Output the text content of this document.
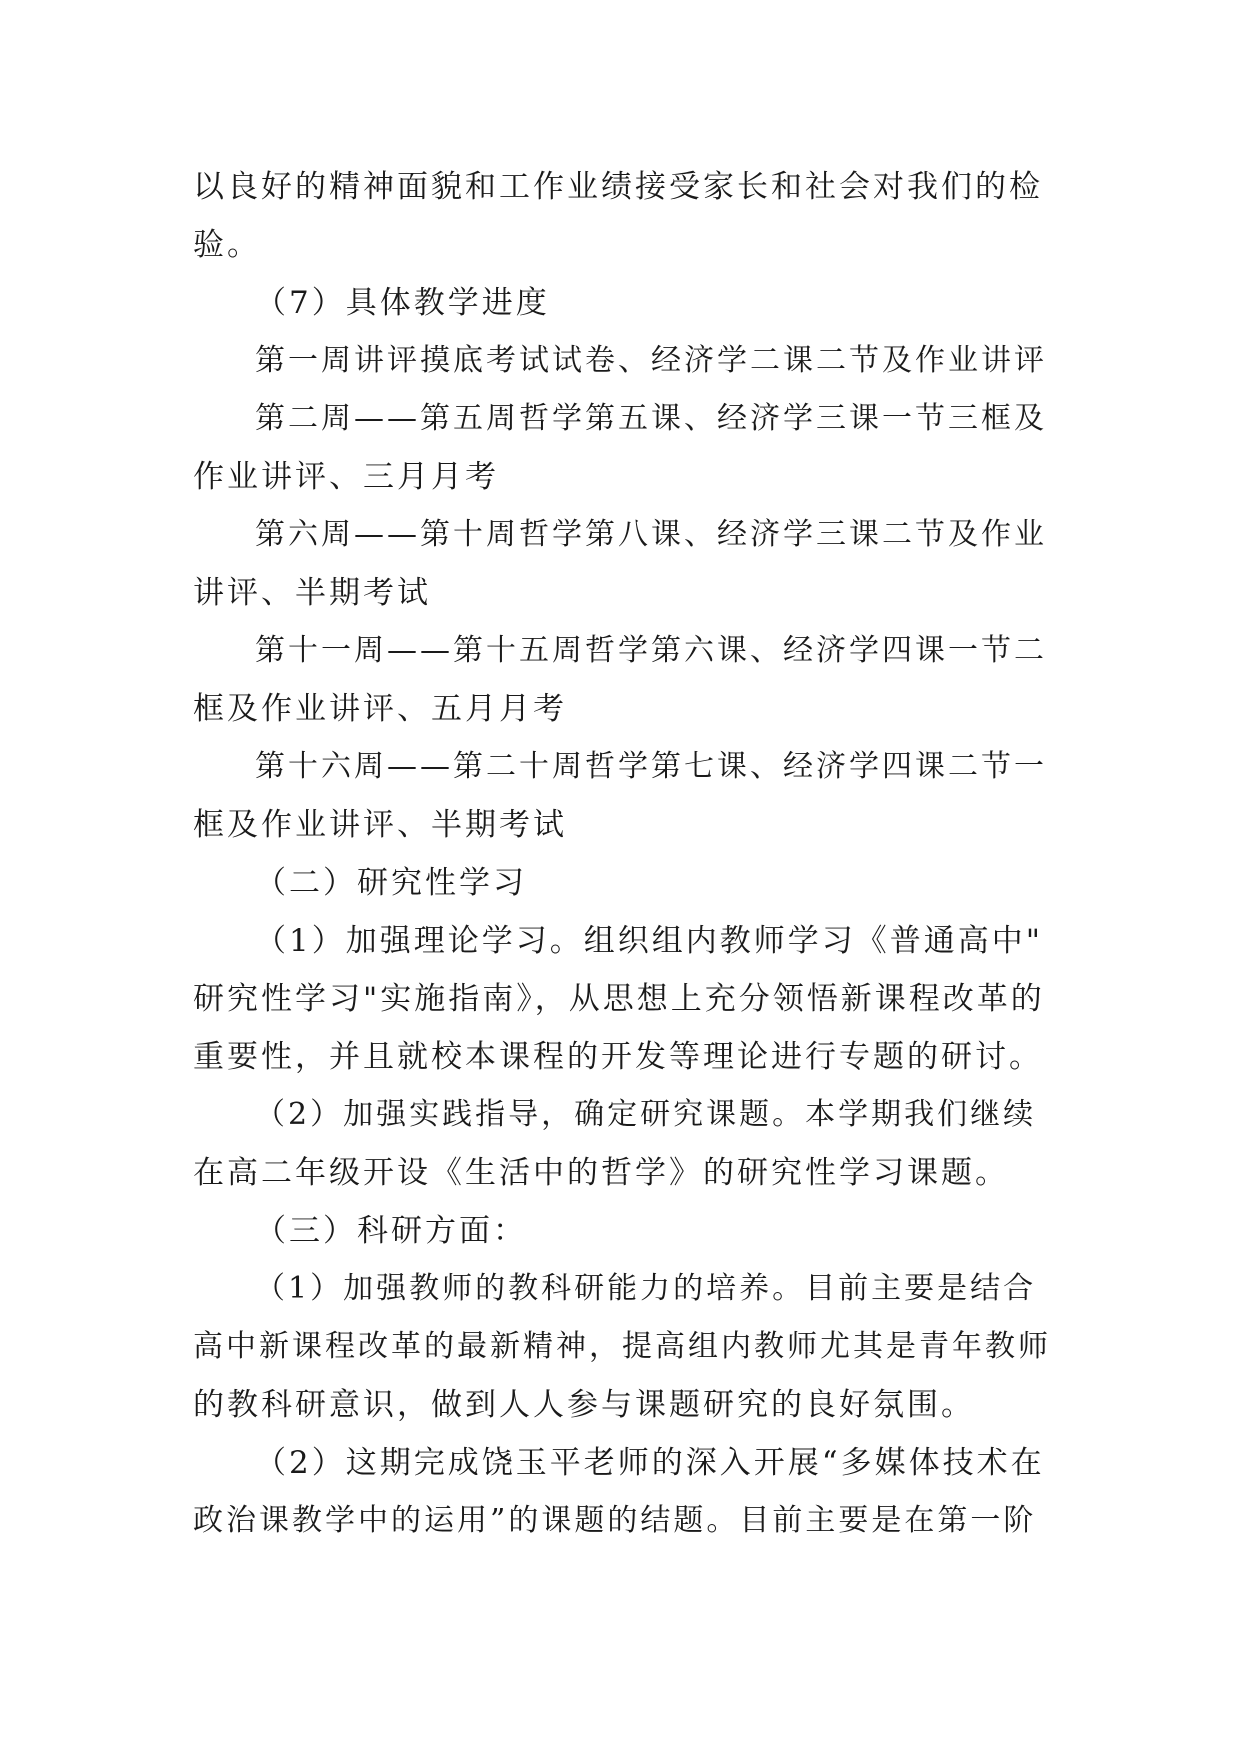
以良好的精神面貌和工作业绩接受家长和社会对我们的检
验。
（7）具体教学进度
第一周讲评摸底考试试卷、经济学二课二节及作业讲评
第二周——第五周哲学第五课、经济学三课一节三框及
作业讲评、三月月考
第六周——第十周哲学第八课、经济学三课二节及作业
讲评、半期考试
第十一周——第十五周哲学第六课、经济学四课一节二
框及作业讲评、五月月考
第十六周——第二十周哲学第七课、经济学四课二节一
框及作业讲评、半期考试
（二）研究性学习
（1）加强理论学习。组织组内教师学习《普通高中"
研究性学习"实施指南》，从思想上充分领悟新课程改革的
重要性，并且就校本课程的开发等理论进行专题的研讨。
（2）加强实践指导，确定研究课题。本学期我们继续
在高二年级开设《生活中的哲学》的研究性学习课题。
（三）科研方面：
（1）加强教师的教科研能力的培养。目前主要是结合
高中新课程改革的最新精神，提高组内教师尤其是青年教师
的教科研意识，做到人人参与课题研究的良好氛围。
（2）这期完成饶玉平老师的深入开展“多媒体技术在
政治课教学中的运用”的课题的结题。目前主要是在第一阶
